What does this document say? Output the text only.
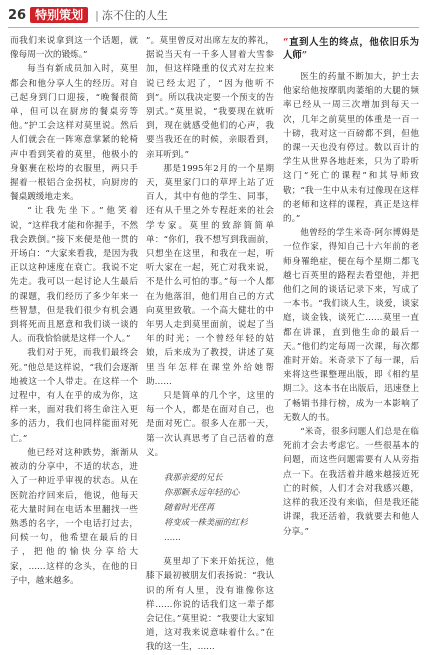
26 特别策划	| 冻不住的人生

而我们来说拿到这一个话题，就像每周一次的锻炼。”

每当有新成员加入时，莫里都会和他分享人生的经历。对自己起身到门口迎接，“晚餐很简单，但可以在厨房的餐桌旁等他。”护工会这样对莫里说。然后人们就会在一阵寒意掌紧的轮椅声中看到笑着的莫里，他极小的身躯裹在松垮的衣服里，两只手握着一根铝合金拐杖，向厨房的餐桌踱缓地走来。

“让我先坐下。”他笑着说，“这样我才能和你握手，不然我会跌倒。”接下来便是他一贯的开场白：“大家来看我，是因为我正以这种速度在衰亡。我说不定先走。我可以一起讨论人生最后的课题，我们经历了多少年来一些智慧，但是我们很少有机会遇到将死而且愿意和我们谈一谈的人。而我恰恰就是这样一个人。”

我们对于死，而我们最终会死。”他总是这样说，“我们会逐渐地被这一个人带走。在这样一个过程中，有人在乎的成为你，这样一来，面对我们将生命注入更多的活力，我们也同样能面对死亡。”

他已经对这种跌势，渐渐从被动的分享中，不适的状态，进入了一种近乎审视的状态。从在医院治疗回来后，他说，他每天花大量时间在电话本里翻找一些熟悉的名字，一个电话打过去，问候一句，他希望在最后的日子，把他的愉快分享给大家，……这样的念头，在他的日子中，越来越多。

”。莫里曾反对出席左友的葬礼，据说当天有一千多人冒着大雪参加，但这样隆重的仪式对左拉来说已经太迟了，“因为他听不到”。所以我决定要一个预支的告别式。”莫里说，“我要现在就听到，现在就感受他们的心声，我要当我还在的时候，亲眼看到，亲耳听到。”

那是1995年2月的一个星期天，莫里家门口的草坪上站了近百人，其中有他的学生、同事，还有从千里之外专程赶来的社会学专家。莫里的致辞简简单单：“你们，我不想写到我面前，只想坐在这里，和我在一起，听听大家在一起，死亡对我来说，不是什么可怕的事。”每一个人都在为他落泪，他们用自己的方式向莫里致敬。一个高大健壮的中年男人走到莫里面前，说起了当年的时光；一个曾经年轻的姑娘，后来成为了教授，讲述了莫里当年怎样在课堂外给她帮助……

只是简单的几个字，这里的每一个人，都是在面对自己，也是面对死亡。很多人在那一天，第一次认真思考了自己活着的意义。

我那亲爱的兄长
你那颗永远年轻的心
随着时光荏苒
将变成一株美丽的红杉
……

莫里却了下来开始抚泣，他膝下最初被朋友们表扬说：“我认识的所有人里，没有谁像你这样……你说的话我们这一辈子都会记住。”莫里说：“我要让大家知道，这对我来说意味着什么。”在我的这一生，……

“直到人生的终点，他依旧乐为人师”

医生的药量不断加大，护士去他家给他按摩肌肉萎缩的大腿的频率已经从一周三次增加到每天一次，几年之前莫里的体重是一百一十磅，我对这一百磅都不到，但他的课一天也没有停过。数以百计的学生从世界各地赶来，只为了聆听这门“死亡的课程”和其导师致敬；“我一生中从未有过像现在这样的老师和这样的课程，真正是这样的。”

他曾经的学生米奇·阿尔博姆是一位作家，得知自己十六年前的老师身罹绝症，便在每个星期二都飞越七百英里的路程去看望他，并把他们之间的谈话记录下来，写成了一本书。“我们谈人生，谈爱，谈家庭，谈金钱，谈死亡……莫里一直都在讲课，直到他生命的最后一天。”他们约定每周一次课，每次都准时开始。米奇录下了每一课，后来将这些课整理出版，即《相约星期二》。这本书在出版后，迅速登上了畅销书排行榜，成为一本影响了无数人的书。

“米奇，很多问题人们总是在临死前才会去考虑它。一些很基本的问题，而这些问题需要有人从旁指点一下。在我活着并越来越接近死亡的时候，人们才会对我感兴趣，这样的我还没有来临，但是我还能讲课，我还活着，我就要去和他人分享。”
